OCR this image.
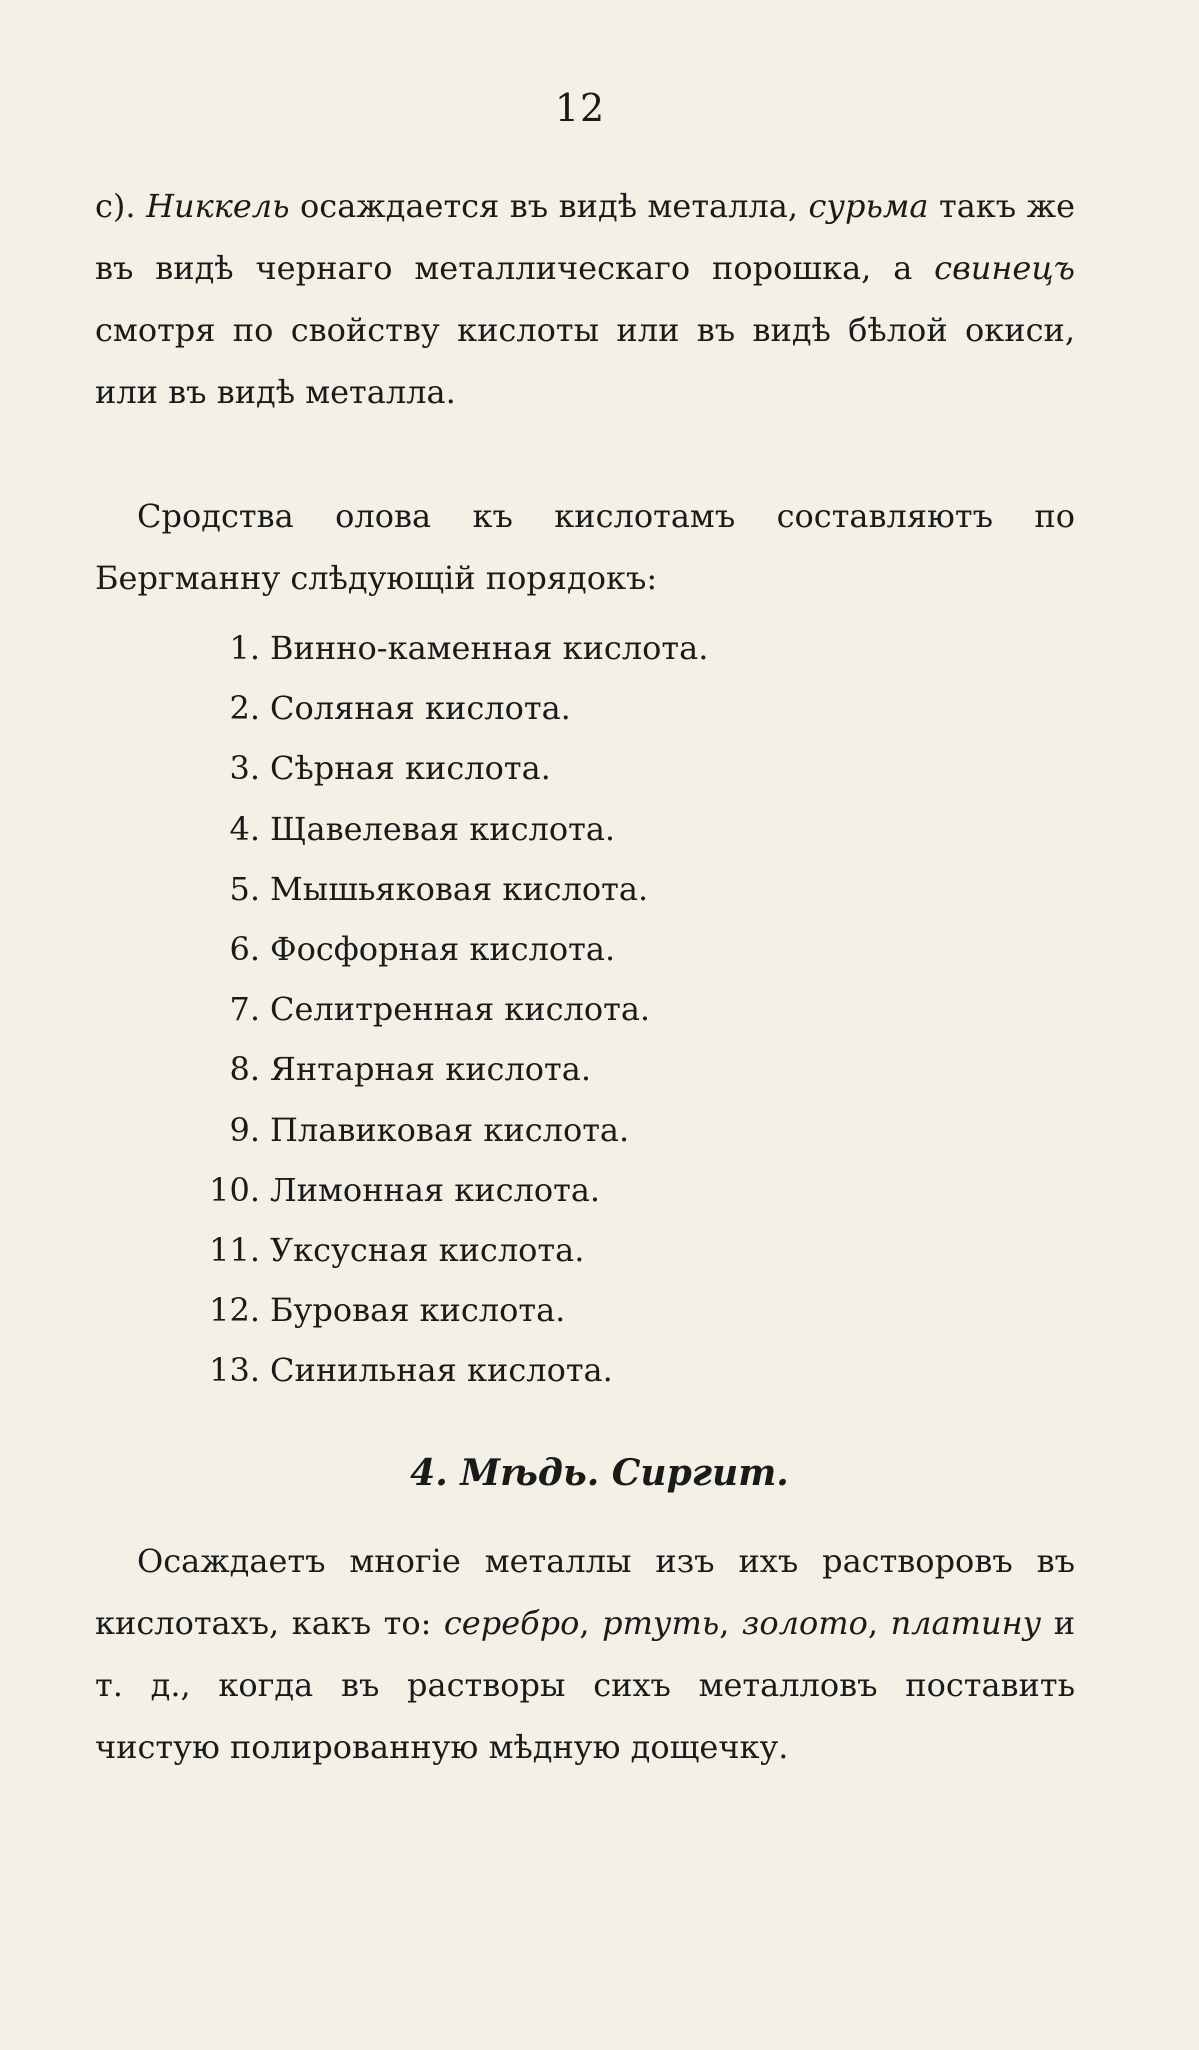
12

c). Никкель осаждается въ видѣ металла, сурьма такъ же въ видѣ чернаго металлическаго порошка, а свинецъ смотря по свойству кислоты или въ видѣ бѣлой окиси, или въ видѣ металла.

Сродства олова къ кислотамъ составляютъ по Бергманну слѣдующій порядокъ:

1. Винно-каменная кислота.
2. Соляная кислота.
3. Сѣрная кислота.
4. Щавелевая кислота.
5. Мышьяковая кислота.
6. Фосфорная кислота.
7. Селитренная кислота.
8. Янтарная кислота.
9. Плавиковая кислота.
10. Лимонная кислота.
11. Уксусная кислота.
12. Буровая кислота.
13. Синильная кислота.
4. Мѣдь. Сиргит.

Осаждаетъ многіе металлы изъ ихъ растворовъ въ кислотахъ, какъ то: серебро, ртуть, золото, платину и т. д., когда въ растворы сихъ металловъ поставить чистую полированную мѣдную дощечку.
